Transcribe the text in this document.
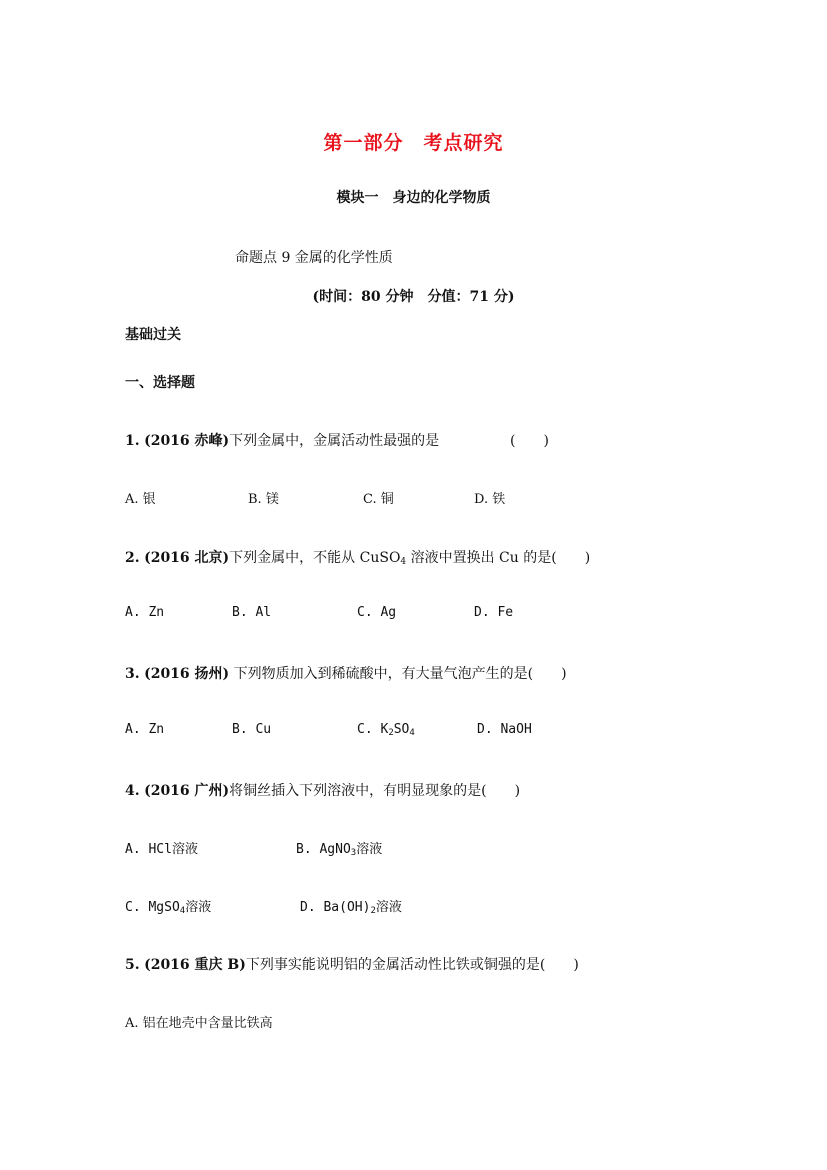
第一部分　考点研究
模块一　身边的化学物质
命题点 9 金属的化学性质
(时间：80 分钟　分值：71 分)
基础过关
一、选择题
1. (2016 赤峰)下列金属中，金属活动性最强的是	(　　)
A. 银	B. 镁	C. 铜	D. 铁
2. (2016 北京)下列金属中，不能从 CuSO$_4$ 溶液中置换出 Cu 的是(　　)
A. Zn	B. Al	C. Ag	D. Fe
3. (2016 扬州) 下列物质加入到稀硫酸中，有大量气泡产生的是(　　)
A. Zn	B. Cu	C. $K_2SO_4$	D. NaOH
4. (2016 广州)将铜丝插入下列溶液中，有明显现象的是(　　)
A. HCl溶液	B. AgNO$_3$溶液
C. MgSO$_4$溶液	D. $Ba(OH)_2$溶液
5. (2016 重庆 B)下列事实能说明铝的金属活动性比铁或铜强的是(　　)
A. 铝在地壳中含量比铁高
